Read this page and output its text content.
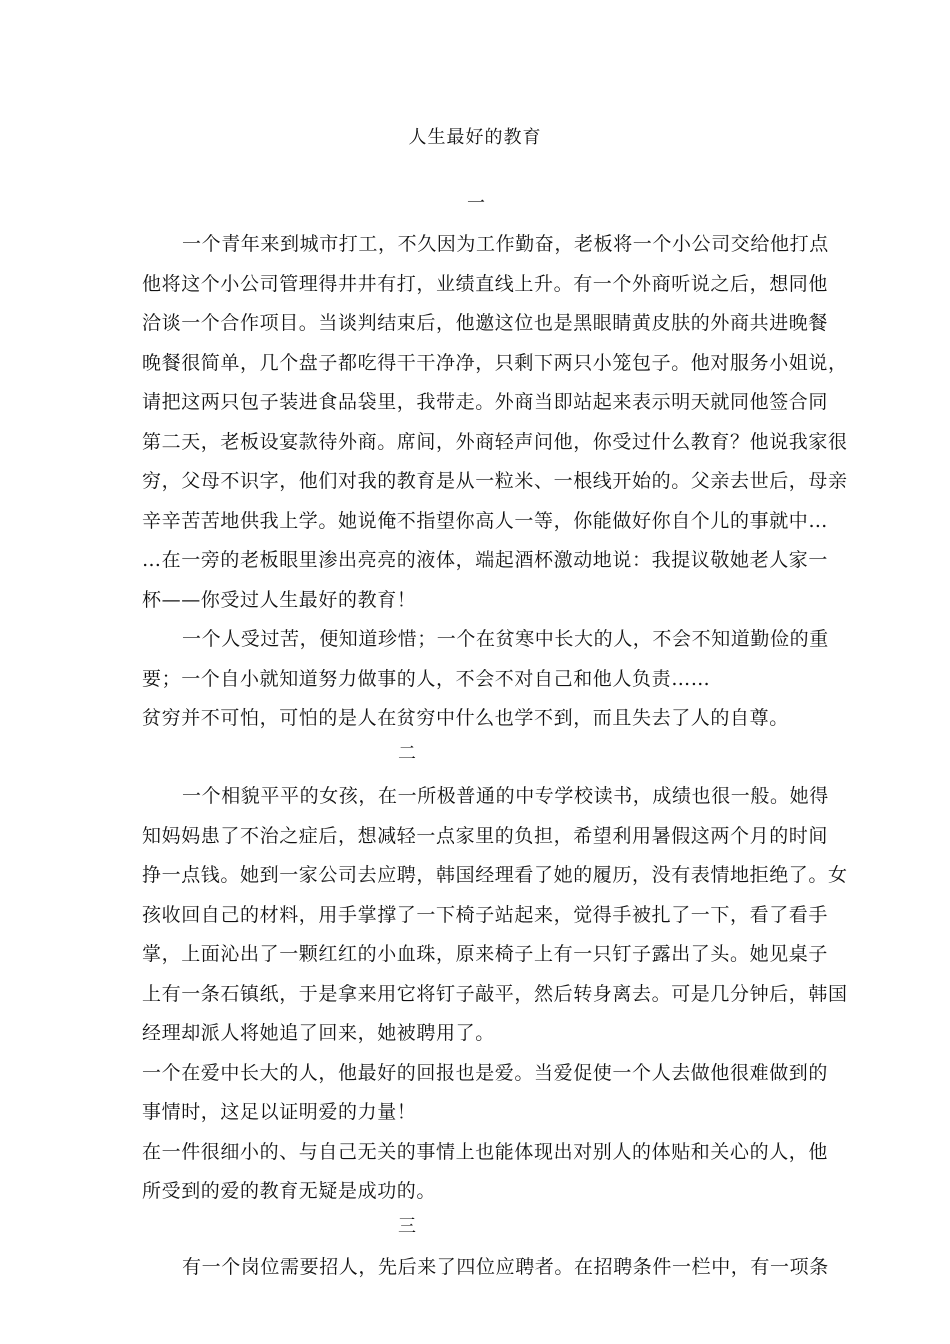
人生最好的教育
一
一个青年来到城市打工，不久因为工作勤奋，老板将一个小公司交给他打点
他将这个小公司管理得井井有打，业绩直线上升。有一个外商听说之后，想同他
洽谈一个合作项目。当谈判结束后，他邀这位也是黑眼睛黄皮肤的外商共进晚餐
晚餐很简单，几个盘子都吃得干干净净，只剩下两只小笼包子。他对服务小姐说，
请把这两只包子装进食品袋里，我带走。外商当即站起来表示明天就同他签合同
第二天，老板设宴款待外商。席间，外商轻声问他，你受过什么教育？他说我家很
穷，父母不识字，他们对我的教育是从一粒米、一根线开始的。父亲去世后，母亲
辛辛苦苦地供我上学。她说俺不指望你高人一等，你能做好你自个儿的事就中…
…在一旁的老板眼里渗出亮亮的液体，端起酒杯激动地说：我提议敬她老人家一
杯——你受过人生最好的教育！
一个人受过苦，便知道珍惜；一个在贫寒中长大的人，不会不知道勤俭的重
要；一个自小就知道努力做事的人，不会不对自己和他人负责……
贫穷并不可怕，可怕的是人在贫穷中什么也学不到，而且失去了人的自尊。
二
一个相貌平平的女孩，在一所极普通的中专学校读书，成绩也很一般。她得
知妈妈患了不治之症后，想减轻一点家里的负担，希望利用暑假这两个月的时间
挣一点钱。她到一家公司去应聘，韩国经理看了她的履历，没有表情地拒绝了。女
孩收回自己的材料，用手掌撑了一下椅子站起来，觉得手被扎了一下，看了看手
掌，上面沁出了一颗红红的小血珠，原来椅子上有一只钉子露出了头。她见桌子
上有一条石镇纸，于是拿来用它将钉子敲平，然后转身离去。可是几分钟后，韩国
经理却派人将她追了回来，她被聘用了。
一个在爱中长大的人，他最好的回报也是爱。当爱促使一个人去做他很难做到的
事情时，这足以证明爱的力量！
在一件很细小的、与自己无关的事情上也能体现出对别人的体贴和关心的人，他
所受到的爱的教育无疑是成功的。
三
有一个岗位需要招人，先后来了四位应聘者。在招聘条件一栏中，有一项条
